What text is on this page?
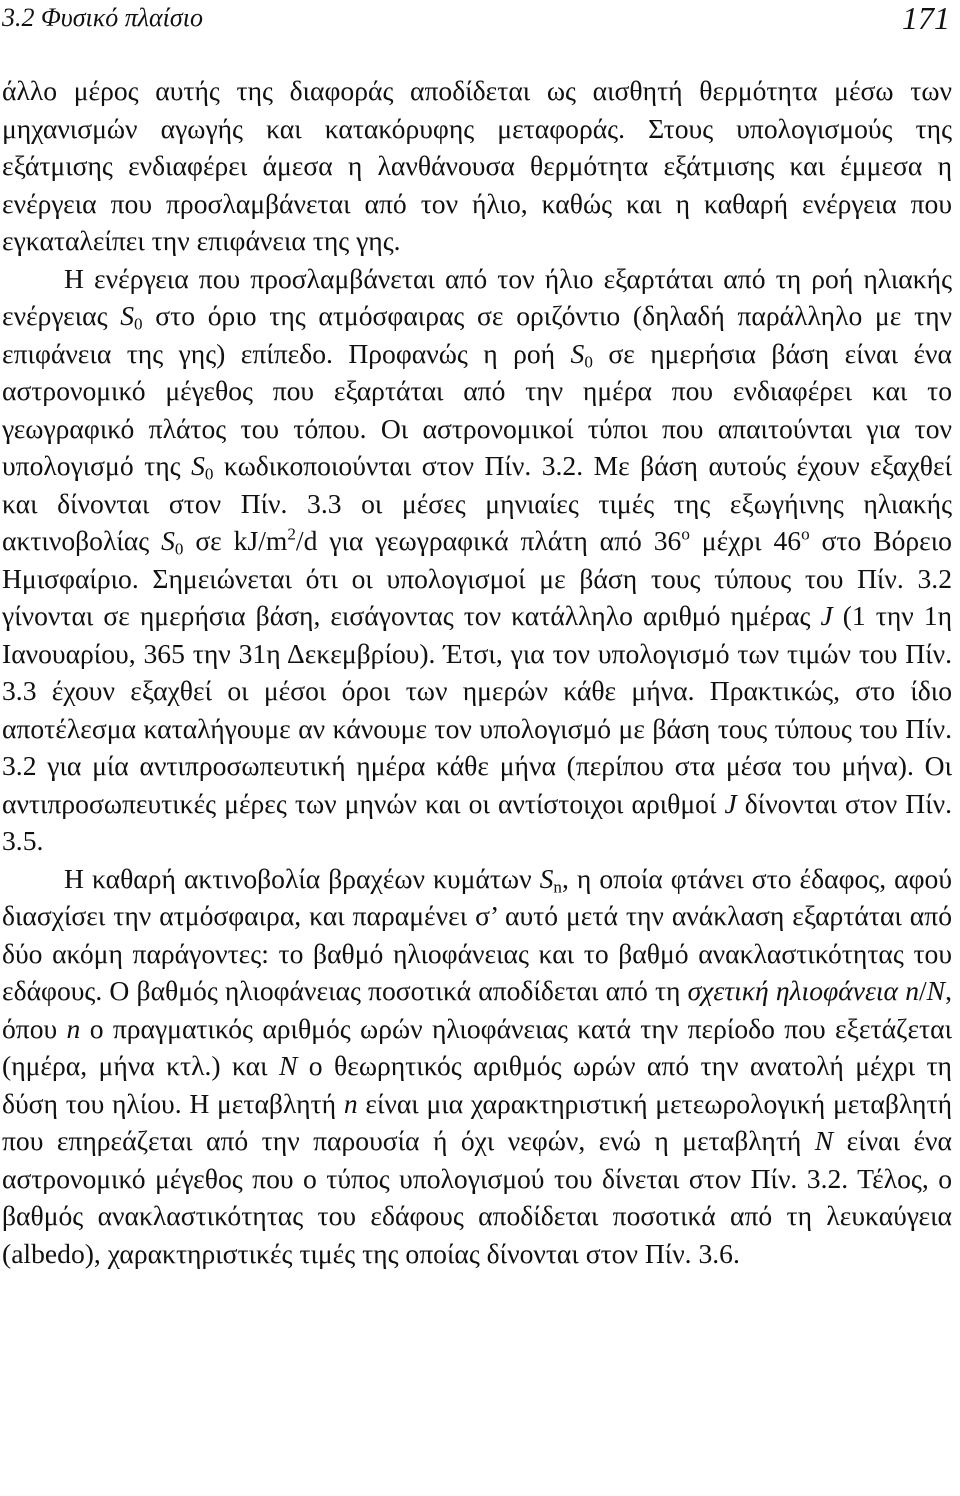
3.2 Φυσικό πλαίσιο	171

άλλο μέρος αυτής της διαφοράς αποδίδεται ως αισθητή θερμότητα μέσω των μηχανισμών αγωγής και κατακόρυφης μεταφοράς. Στους υπολογισμούς της εξάτμισης ενδιαφέρει άμεσα η λανθάνουσα θερμότητα εξάτμισης και έμμεσα η ενέργεια που προσλαμβάνεται από τον ήλιο, καθώς και η καθαρή ενέργεια που εγκαταλείπει την επιφάνεια της γης.

Η ενέργεια που προσλαμβάνεται από τον ήλιο εξαρτάται από τη ροή ηλιακής ενέργειας $S_0$ στο όριο της ατμόσφαιρας σε οριζόντιο (δηλαδή παράλληλο με την επιφάνεια της γης) επίπεδο. Προφανώς η ροή $S_0$ σε ημερήσια βάση είναι ένα αστρονομικό μέγεθος που εξαρτάται από την ημέρα που ενδιαφέρει και το γεωγραφικό πλάτος του τόπου. Οι αστρονομικοί τύποι που απαιτούνται για τον υπολογισμό της $S_0$ κωδικοποιούνται στον Πίν. 3.2. Με βάση αυτούς έχουν εξαχθεί και δίνονται στον Πίν. 3.3 οι μέσες μηνιαίες τιμές της εξωγήινης ηλιακής ακτινοβολίας $S_0$ σε $kJ/m^2/d$ για γεωγραφικά πλάτη από $36^o$ μέχρι $46^o$ στο Βόρειο Ημισφαίριο. Σημειώνεται ότι οι υπολογισμοί με βάση τους τύπους του Πίν. 3.2 γίνονται σε ημερήσια βάση, εισάγοντας τον κατάλληλο αριθμό ημέρας J (1 την 1η Ιανουαρίου, 365 την 31η Δεκεμβρίου). Έτσι, για τον υπολογισμό των τιμών του Πίν. 3.3 έχουν εξαχθεί οι μέσοι όροι των ημερών κάθε μήνα. Πρακτικώς, στο ίδιο αποτέλεσμα καταλήγουμε αν κάνουμε τον υπολογισμό με βάση τους τύπους του Πίν. 3.2 για μία αντιπροσωπευτική ημέρα κάθε μήνα (περίπου στα μέσα του μήνα). Οι αντιπροσωπευτικές μέρες των μηνών και οι αντίστοιχοι αριθμοί J δίνονται στον Πίν. 3.5.

Η καθαρή ακτινοβολία βραχέων κυμάτων $S_n$, η οποία φτάνει στο έδαφος, αφού διασχίσει την ατμόσφαιρα, και παραμένει σ’ αυτό μετά την ανάκλαση εξαρτάται από δύο ακόμη παράγοντες: το βαθμό ηλιοφάνειας και το βαθμό ανακλαστικότητας του εδάφους. Ο βαθμός ηλιοφάνειας ποσοτικά αποδίδεται από τη σχετική ηλιοφάνεια n/N, όπου n ο πραγματικός αριθμός ωρών ηλιοφάνειας κατά την περίοδο που εξετάζεται (ημέρα, μήνα κτλ.) και N ο θεωρητικός αριθμός ωρών από την ανατολή μέχρι τη δύση του ηλίου. Η μεταβλητή n είναι μια χαρακτηριστική μετεωρολογική μεταβλητή που επηρεάζεται από την παρουσία ή όχι νεφών, ενώ η μεταβλητή N είναι ένα αστρονομικό μέγεθος που ο τύπος υπολογισμού του δίνεται στον Πίν. 3.2. Τέλος, ο βαθμός ανακλαστικότητας του εδάφους αποδίδεται ποσοτικά από τη λευκαύγεια (albedo), χαρακτηριστικές τιμές της οποίας δίνονται στον Πίν. 3.6.
